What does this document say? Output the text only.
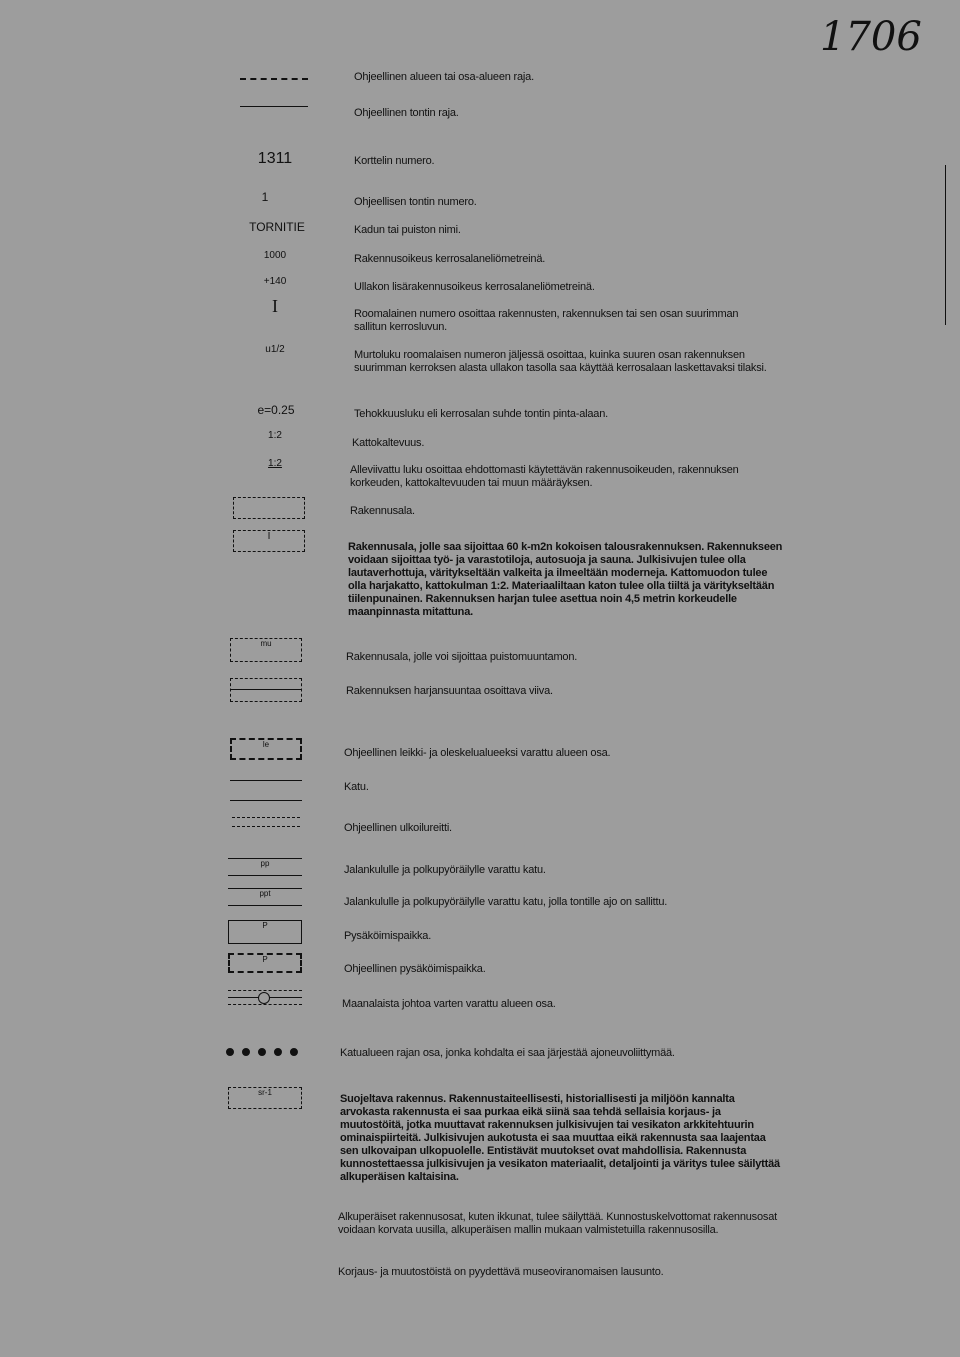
1706
1311
1
TORNITIE
1000
+140
I
u1/2
e=0.25
1:2
1:2
I
mu
le
pp
ppt
P
P
sr-1
Ohjeellinen alueen tai osa-alueen raja.
Ohjeellinen tontin raja.
Korttelin numero.
Ohjeellisen tontin numero.
Kadun tai puiston nimi.
Rakennusoikeus kerrosalaneliömetreinä.
Ullakon lisärakennusoikeus kerrosalaneliömetreinä.
Roomalainen numero osoittaa rakennusten, rakennuksen tai sen osan suurimman sallitun kerrosluvun.
Murtoluku roomalaisen numeron jäljessä osoittaa, kuinka suuren osan rakennuksen suurimman kerroksen alasta ullakon tasolla saa käyttää kerrosalaan laskettavaksi tilaksi.
Tehokkuusluku eli kerrosalan suhde tontin pinta-alaan.
Kattokaltevuus.
Alleviivattu luku osoittaa ehdottomasti käytettävän rakennusoikeuden, rakennuksen korkeuden, kattokaltevuuden tai muun määräyksen.
Rakennusala.
Rakennusala, jolle saa sijoittaa 60 k-m2n kokoisen talousrakennuksen. Rakennukseen voidaan sijoittaa työ- ja varastotiloja, autosuoja ja sauna. Julkisivujen tulee olla lautaverhottuja, väritykseltään valkeita ja ilmeeltään moderneja. Kattomuodon tulee olla harjakatto, kattokulman 1:2. Materiaaliltaan katon tulee olla tiiltä ja väritykseltään tiilenpunainen. Rakennuksen harjan tulee asettua noin 4,5 metrin korkeudelle maanpinnasta mitattuna.
Rakennusala, jolle voi sijoittaa puistomuuntamon.
Rakennuksen harjansuuntaa osoittava viiva.
Ohjeellinen leikki- ja oleskelualueeksi varattu alueen osa.
Katu.
Ohjeellinen ulkoilureitti.
Jalankululle ja polkupyöräilylle varattu katu.
Jalankululle ja polkupyöräilylle varattu katu, jolla tontille ajo on sallittu.
Pysäköimispaikka.
Ohjeellinen pysäköimispaikka.
Maanalaista johtoa varten varattu alueen osa.
Katualueen rajan osa, jonka kohdalta ei saa järjestää ajoneuvoliittymää.
Suojeltava rakennus. Rakennustaiteellisesti, historiallisesti ja miljöön kannalta arvokasta rakennusta ei saa purkaa eikä siinä saa tehdä sellaisia korjaus- ja muutostöitä, jotka muuttavat rakennuksen julkisivujen tai vesikaton arkkitehtuurin ominaispiirteitä. Julkisivujen aukotusta ei saa muuttaa eikä rakennusta saa laajentaa sen ulkovaipan ulkopuolelle. Entistävät muutokset ovat mahdollisia. Rakennusta kunnostettaessa julkisivujen ja vesikaton materiaalit, detaljointi ja väritys tulee säilyttää alkuperäisen kaltaisina.
Alkuperäiset rakennusosat, kuten ikkunat, tulee säilyttää. Kunnostuskelvottomat rakennusosat voidaan korvata uusilla, alkuperäisen mallin mukaan valmistetuilla rakennusosilla.
Korjaus- ja muutostöistä on pyydettävä museoviranomaisen lausunto.
